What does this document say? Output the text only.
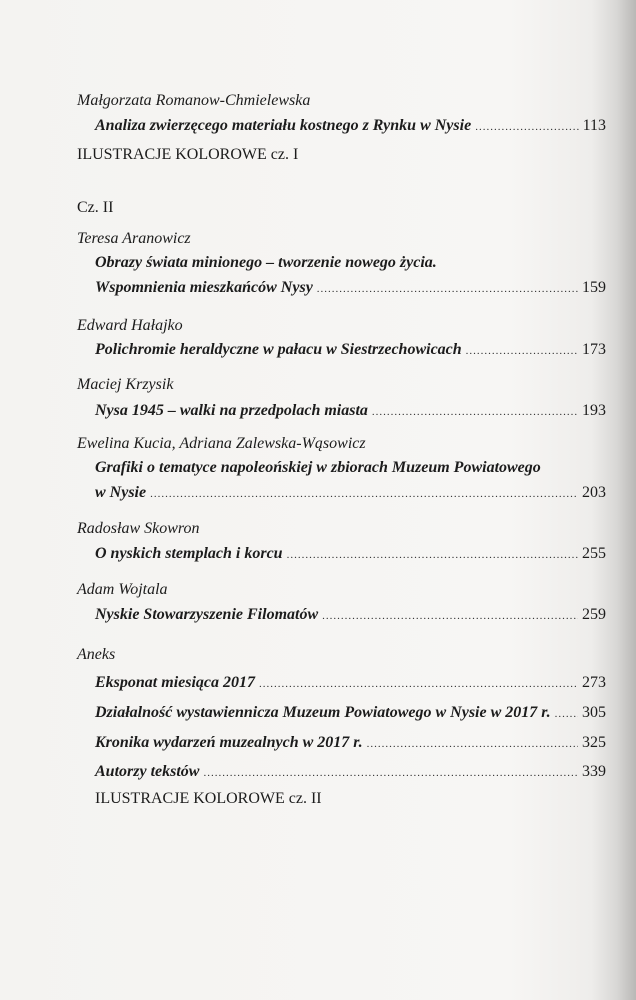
Małgorzata Romanow-Chmielewska
Analiza zwierzęcego materiału kostnego z Rynku w Nysie .....	113
ILUSTRACJE KOLOROWE cz. I
Cz. II
Teresa Aranowicz
Obrazy świata minionego – tworzenie nowego życia.
Wspomnienia mieszkańców Nysy .....	159
Edward Hałajko
Polichromie heraldyczne w pałacu w Siestrzechowicach .....	173
Maciej Krzysik
Nysa 1945 – walki na przedpolach miasta .....	193
Ewelina Kucia, Adriana Zalewska-Wąsowicz
Grafiki o tematyce napoleońskiej w zbiorach Muzeum Powiatowego
w Nysie .....	203
Radosław Skowron
O nyskich stemplach i korcu .....	255
Adam Wojtala
Nyskie Stowarzyszenie Filomatów .....	259
Aneks
Eksponat miesiąca 2017 .....	273
Działalność wystawiennicza Muzeum Powiatowego w Nysie w 2017 r. ..... 305
Kronika wydarzeń muzealnych w 2017 r. .....	325
Autorzy tekstów .....	339
ILUSTRACJE KOLOROWE cz. II
